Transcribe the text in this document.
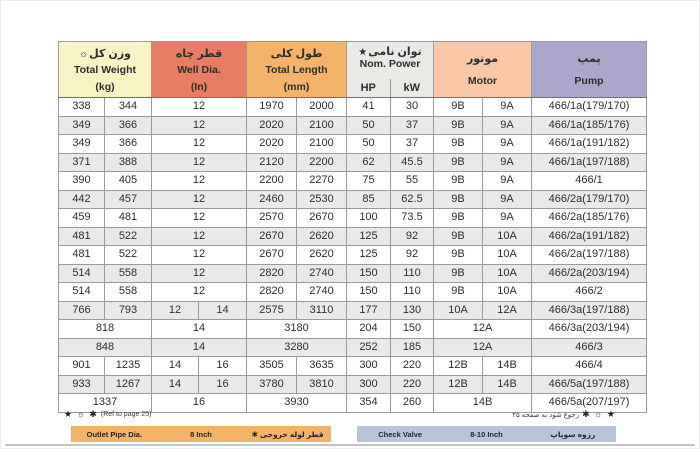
☼وزن کل
Total Weight
(kg)

قطر چاه
Well Dia.
(In)

طول کلی
Total Length
(mm)

★توان نامی
Nom. Power
HP	kW

موتور
Motor

پمپ
Pump

338	344	12		1970	2000	41	30	9B	9A	466/1a(179/170)
349	366	12		2020	2100	50	37	9B	9A	466/1a(185/176)
349	366	12		2020	2100	50	37	9B	9A	466/1a(191/182)
371	388	12		2120	2200	62	45.5	9B	9A	466/1a(197/188)
390	405	12		2200	2270	75	55	9B	9A	466/1
442	457	12		2460	2530	85	62.5	9B	9A	466/2a(179/170)
459	481	12		2570	2670	100	73.5	9B	9A	466/2a(185/176)
481	522	12		2670	2620	125	92	9B	10A	466/2a(191/182)
481	522	12		2670	2620	125	92	9B	10A	466/2a(197/188)
514	558	12		2820	2740	150	110	9B	10A	466/2a(203/194)
514	558	12		2820	2740	150	110	9B	10A	466/2
766	793	12	14	2575	3110	177	130	10A	12A	466/3a(197/188)
818		14		3180		204	150	12A		466/3a(203/194)
848		14		3280		252	185	12A		466/3
901	1235	14	16	3505	3635	300	220	12B	14B	466/4
933	1267	14	16	3780	3810	300	220	12B	14B	466/5a(197/188)
1337		16		3930		354	260	14B		466/5a(207/197)
★ ☼ ✱ (Ref to page 25)	★ ☼ ✱
رجوع شود به صفحه ۲۵
Outlet Pipe Dia.	8 Inch	✱ قطر لوله خروجی	Check Valve	8-10 Inch	رزوه سوپاپ
